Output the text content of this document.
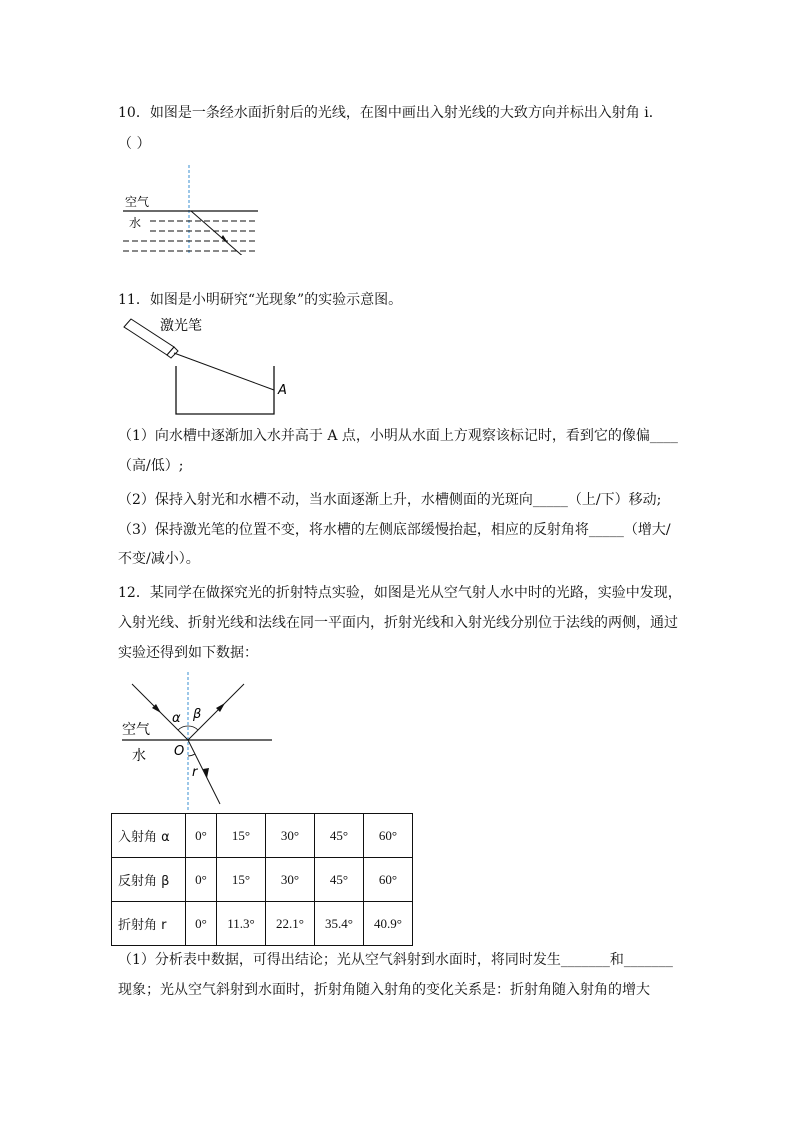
10．如图是一条经水面折射后的光线，在图中画出入射光线的大致方向并标出入射角 i．
（ ）
空气
水
11．如图是小明研究“光现象”的实验示意图。
激光笔
A
（1）向水槽中逐渐加入水并高于 A 点，小明从水面上方观察该标记时，看到它的像偏____
（高/低）;
（2）保持入射光和水槽不动，当水面逐渐上升，水槽侧面的光斑向_____（上/下）移动;
（3）保持激光笔的位置不变，将水槽的左侧底部缓慢抬起，相应的反射角将_____（增大/
不变/减小）。
12．某同学在做探究光的折射特点实验，如图是光从空气射人水中时的光路，实验中发现，
入射光线、折射光线和法线在同一平面内，折射光线和入射光线分别位于法线的两侧，通过
实验还得到如下数据：
α β
空气
水 O
r
入射角 α	0°	15°	30°	45°	60°
反射角 β	0°	15°	30°	45°	60°
折射角 r	0°	11.3°	22.1°	35.4°	40.9°
（1）分析表中数据，可得出结论；光从空气斜射到水面时，将同时发生_______和_______
现象；光从空气斜射到水面时，折射角随入射角的变化关系是：折射角随入射角的增大
